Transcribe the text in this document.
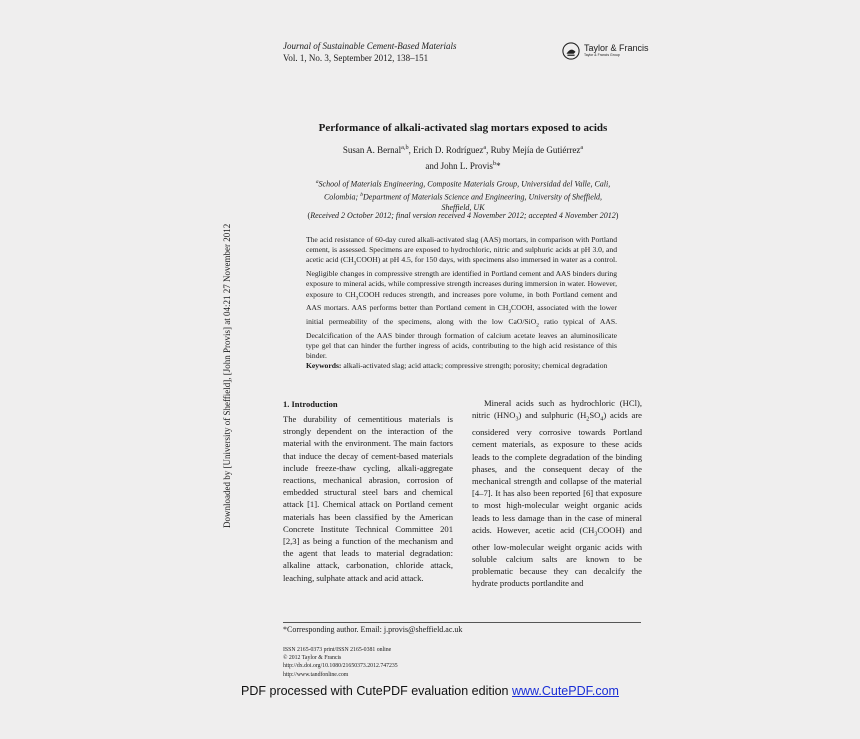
Journal of Sustainable Cement-Based Materials
Vol. 1, No. 3, September 2012, 138–151
Taylor & Francis
Taylor & Francis Group
Performance of alkali-activated slag mortars exposed to acids
Susan A. Bernal$^{a,b}$, Erich D. Rodríguez$^a$, Ruby Mejía de Gutiérrez$^a$
and John L. Provis$^b$*
$^a$School of Materials Engineering, Composite Materials Group, Universidad del Valle, Cali,
Colombia; $^b$Department of Materials Science and Engineering, University of Sheffield,
Sheffield, UK
(Received 2 October 2012; final version received 4 November 2012; accepted 4 November 2012)
The acid resistance of 60-day cured alkali-activated slag (AAS) mortars, in comparison with Portland cement, is assessed. Specimens are exposed to hydrochloric, nitric and sulphuric acids at pH 3.0, and acetic acid $(CH_3COOH)$ at pH 4.5, for 150 days, with specimens also immersed in water as a control. Negligible changes in compressive strength are identified in Portland cement and AAS binders during exposure to mineral acids, while compressive strength increases during immersion in water. However, exposure to $CH_3COOH$ reduces strength, and increases pore volume, in both Portland cement and AAS mortars. AAS performs better than Portland cement in $CH_3COOH$, associated with the lower initial permeability of the specimens, along with the low CaO/SiO$_2$ ratio typical of AAS. Decalcification of the AAS binder through formation of calcium acetate leaves an aluminosilicate type gel that can hinder the further ingress of acids, contributing to the high acid resistance of this binder.
Keywords: alkali-activated slag; acid attack; compressive strength; porosity; chemical degradation
1. Introduction
The durability of cementitious materials is strongly dependent on the interaction of the material with the environment. The main factors that induce the decay of cement-based materials include freeze-thaw cycling, alkali-aggregate reactions, mechanical abrasion, corrosion of embedded structural steel bars and chemical attack [1]. Chemical attack on Portland cement materials has been classified by the American Concrete Institute Technical Committee 201 [2,3] as being a function of the mechanism and the agent that leads to material degradation: alkaline attack, carbonation, chloride attack, leaching, sulphate attack and acid attack.
Mineral acids such as hydrochloric (HCl), nitric $(HNO_3)$ and sulphuric $(H_2SO_4)$ acids are considered very corrosive towards Portland cement materials, as exposure to these acids leads to the complete degradation of the binding phases, and the consequent decay of the mechanical strength and collapse of the material [4–7]. It has also been reported [6] that exposure to most high-molecular weight organic acids leads to less damage than in the case of mineral acids. However, acetic acid $(CH_3COOH)$ and other low-molecular weight organic acids with soluble calcium salts are known to be problematic because they can decalcify the hydrate products portlandite and
*Corresponding author. Email: j.provis@sheffield.ac.uk
ISSN 2165-0373 print/ISSN 2165-0381 online
© 2012 Taylor & Francis
http://dx.doi.org/10.1080/21650373.2012.747235
http://www.tandfonline.com
Downloaded by [University of Sheffield], [John Provis] at 04:21 27 November 2012
PDF processed with CutePDF evaluation edition www.CutePDF.com
